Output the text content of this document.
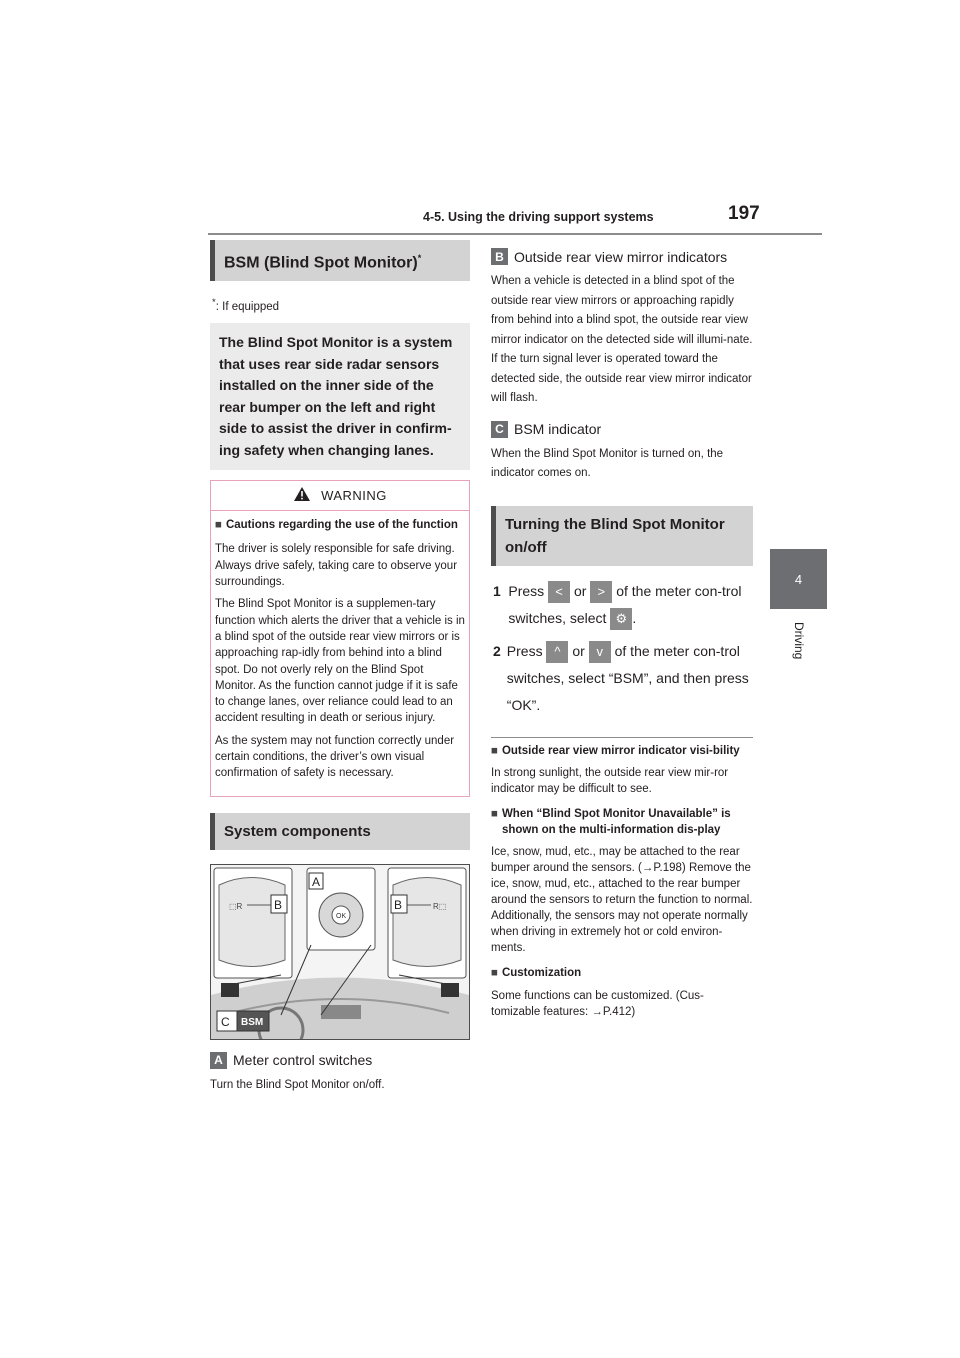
4-5. Using the driving support systems	197
4
Driving
BSM (Blind Spot Monitor)*
*: If equipped
The Blind Spot Monitor is a system that uses rear side radar sensors installed on the inner side of the rear bumper on the left and right side to assist the driver in confirm-ing safety when changing lanes.
WARNING
■ Cautions regarding the use of the function

The driver is solely responsible for safe driving. Always drive safely, taking care to observe your surroundings.

The Blind Spot Monitor is a supplemen-tary function which alerts the driver that a vehicle is in a blind spot of the outside rear view mirrors or is approaching rap-idly from behind into a blind spot. Do not overly rely on the Blind Spot Monitor. As the function cannot judge if it is safe to change lanes, over reliance could lead to an accident resulting in death or serious injury.

As the system may not function correctly under certain conditions, the driver’s own visual confirmation of safety is necessary.

System components
⬚R
OK
R⬚
A
B	B
C BSM
A Meter control switches
Turn the Blind Spot Monitor on/off.
B Outside rear view mirror indicators
When a vehicle is detected in a blind spot of the outside rear view mirrors or approaching rapidly from behind into a blind spot, the outside rear view mirror indicator on the detected side will illumi-nate. If the turn signal lever is operated toward the detected side, the outside rear view mirror indicator will flash.
C BSM indicator
When the Blind Spot Monitor is turned on, the indicator comes on.
Turning the Blind Spot Monitor on/off
1 Press < or > of the meter con-trol switches, select ⚙ .
2 Press ^ or v of the meter con-trol switches, select “BSM”, and then press “OK”.
■ Outside rear view mirror indicator visi-bility
In strong sunlight, the outside rear view mir-ror indicator may be difficult to see.
■ When “Blind Spot Monitor Unavailable” is shown on the multi-information dis-play
Ice, snow, mud, etc., may be attached to the rear bumper around the sensors. (→P.198) Remove the ice, snow, mud, etc., attached to the rear bumper around the sensors to return the function to normal. Additionally, the sensors may not operate normally when driving in extremely hot or cold environ-ments.
■ Customization
Some functions can be customized. (Cus-tomizable features: →P.412)
